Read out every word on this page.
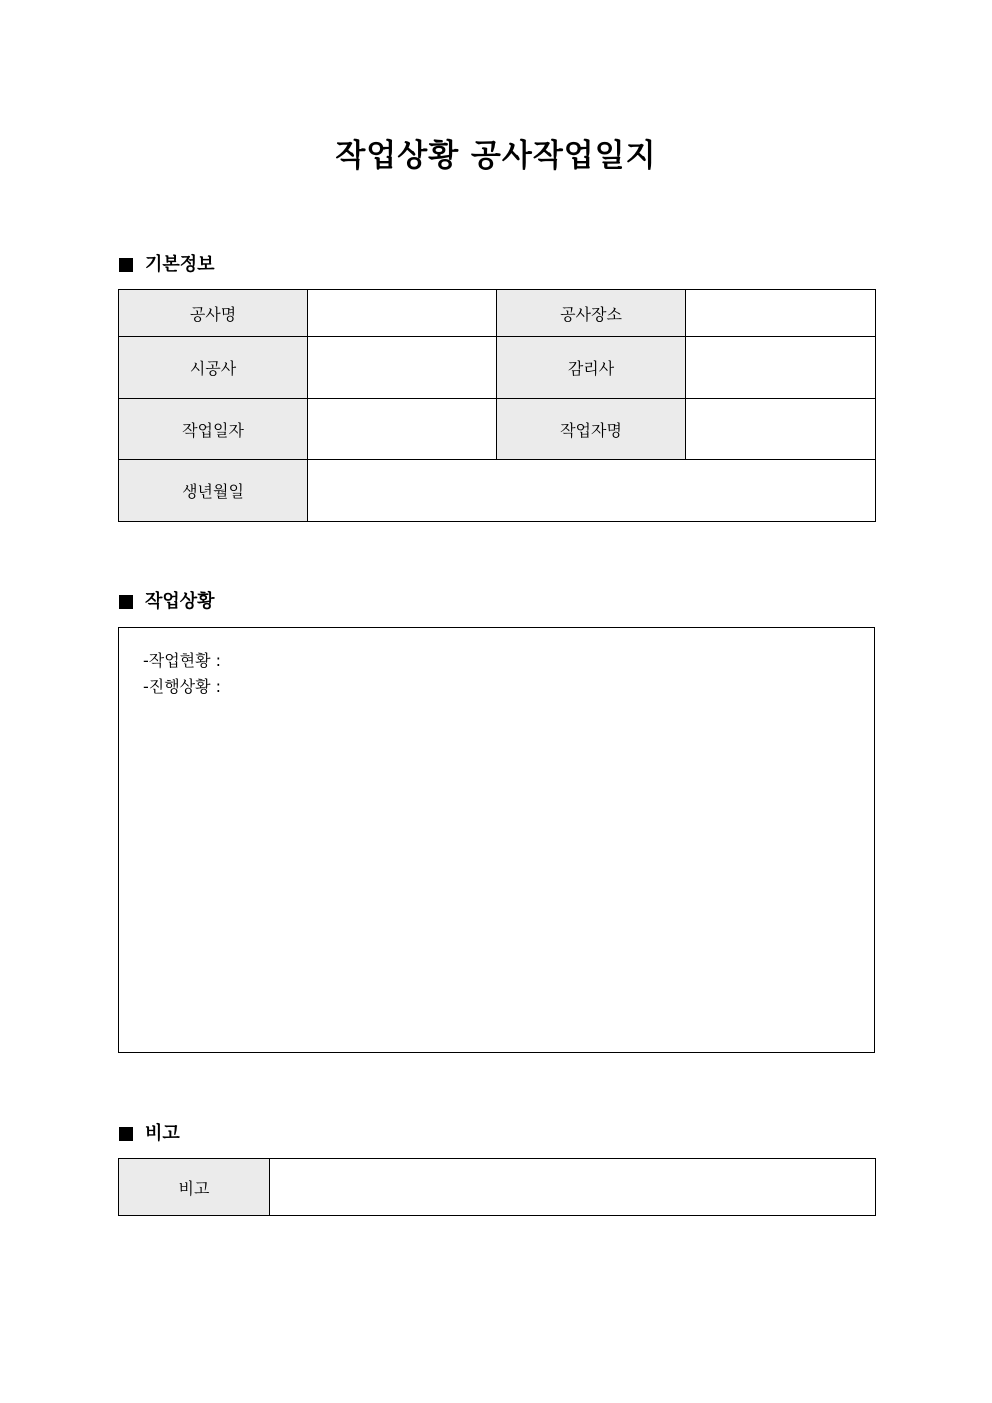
작업상황 공사작업일지
기본정보
공사명		공사장소	
시공사		감리사	
작업일자		작업자명	
생년월일			
작업상황
-작업현황 :
-진행상황 :
비고
비고	
